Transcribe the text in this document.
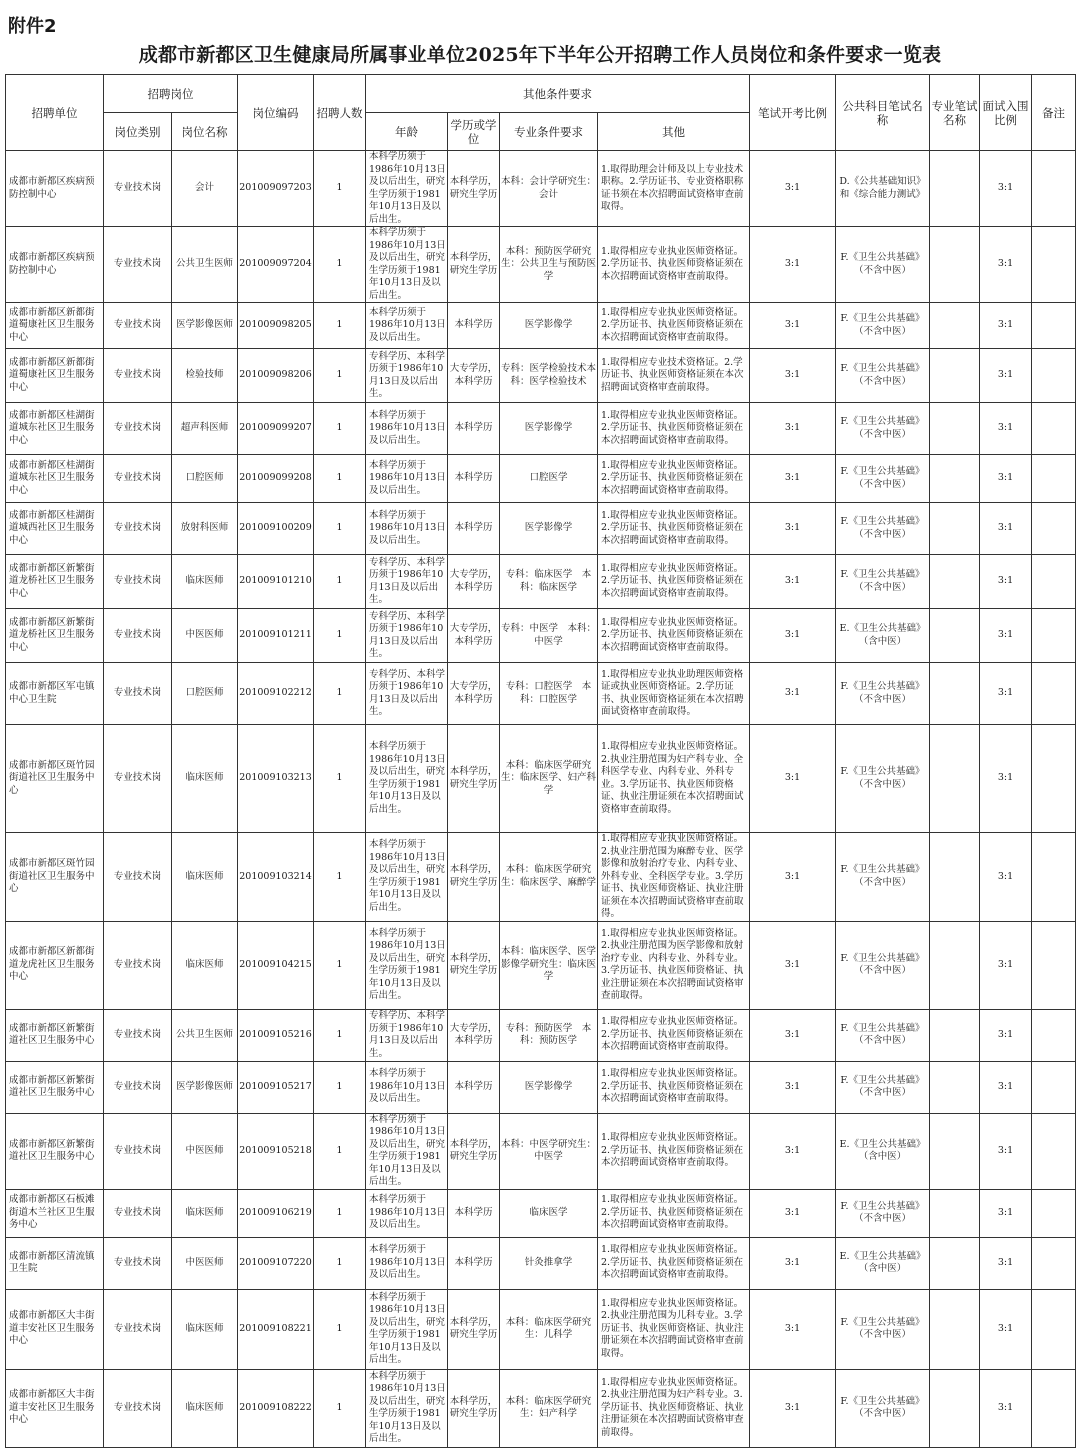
附件2
成都市新都区卫生健康局所属事业单位2025年下半年公开招聘工作人员岗位和条件要求一览表
招聘单位	招聘岗位		岗位编码	招聘人数	其他条件要求				笔试开考比例	公共科目笔试名称	专业笔试名称	面试入围比例	备注
	岗位类别	岗位名称			年龄	学历或学位	专业条件要求	其他					
成都市新都区疾病预防控制中心	专业技术岗	会计	201009097203	1	本科学历须于1986年10月13日及以后出生，研究生学历须于1981年10月13日及以后出生。	本科学历，研究生学历	本科：会计学研究生：会计	1.取得助理会计师及以上专业技术职称。2.学历证书、专业资格职称证书须在本次招聘面试资格审查前取得。	3:1	D.《公共基础知识》和《综合能力测试》		3:1	
成都市新都区疾病预防控制中心	专业技术岗	公共卫生医师	201009097204	1	本科学历须于1986年10月13日及以后出生，研究生学历须于1981年10月13日及以后出生。	本科学历，研究生学历	本科：预防医学研究生：公共卫生与预防医学	1.取得相应专业执业医师资格证。2.学历证书、执业医师资格证须在本次招聘面试资格审查前取得。	3:1	F.《卫生公共基础》（不含中医）		3:1	
成都市新都区新都街道蜀康社区卫生服务中心	专业技术岗	医学影像医师	201009098205	1	本科学历须于1986年10月13日及以后出生。	本科学历	医学影像学	1.取得相应专业执业医师资格证。2.学历证书、执业医师资格证须在本次招聘面试资格审查前取得。	3:1	F.《卫生公共基础》（不含中医）		3:1	
成都市新都区新都街道蜀康社区卫生服务中心	专业技术岗	检验技师	201009098206	1	专科学历、本科学历须于1986年10月13日及以后出生。	大专学历，本科学历	专科：医学检验技术本科：医学检验技术	1.取得相应专业技术资格证。2.学历证书、执业医师资格证须在本次招聘面试资格审查前取得。	3:1	F.《卫生公共基础》（不含中医）		3:1	
成都市新都区桂湖街道城东社区卫生服务中心	专业技术岗	超声科医师	201009099207	1	本科学历须于1986年10月13日及以后出生。	本科学历	医学影像学	1.取得相应专业执业医师资格证。2.学历证书、执业医师资格证须在本次招聘面试资格审查前取得。	3:1	F.《卫生公共基础》（不含中医）		3:1	
成都市新都区桂湖街道城东社区卫生服务中心	专业技术岗	口腔医师	201009099208	1	本科学历须于1986年10月13日及以后出生。	本科学历	口腔医学	1.取得相应专业执业医师资格证。2.学历证书、执业医师资格证须在本次招聘面试资格审查前取得。	3:1	F.《卫生公共基础》（不含中医）		3:1	
成都市新都区桂湖街道城西社区卫生服务中心	专业技术岗	放射科医师	201009100209	1	本科学历须于1986年10月13日及以后出生。	本科学历	医学影像学	1.取得相应专业执业医师资格证。2.学历证书、执业医师资格证须在本次招聘面试资格审查前取得。	3:1	F.《卫生公共基础》（不含中医）		3:1	
成都市新都区新繁街道龙桥社区卫生服务中心	专业技术岗	临床医师	201009101210	1	专科学历、本科学历须于1986年10月13日及以后出生。	大专学历，本科学历	专科：临床医学　本科：临床医学	1.取得相应专业执业医师资格证。2.学历证书、执业医师资格证须在本次招聘面试资格审查前取得。	3:1	F.《卫生公共基础》（不含中医）		3:1	
成都市新都区新繁街道龙桥社区卫生服务中心	专业技术岗	中医医师	201009101211	1	专科学历、本科学历须于1986年10月13日及以后出生。	大专学历，本科学历	专科：中医学　本科：中医学	1.取得相应专业执业医师资格证。2.学历证书、执业医师资格证须在本次招聘面试资格审查前取得。	3:1	E.《卫生公共基础》（含中医）		3:1	
成都市新都区军屯镇中心卫生院	专业技术岗	口腔医师	201009102212	1	专科学历、本科学历须于1986年10月13日及以后出生。	大专学历，本科学历	专科：口腔医学　本科：口腔医学	1.取得相应专业执业助理医师资格证或执业医师资格证。2.学历证书、执业医师资格证须在本次招聘面试资格审查前取得。	3:1	F.《卫生公共基础》（不含中医）		3:1	
成都市新都区斑竹园街道社区卫生服务中心	专业技术岗	临床医师	201009103213	1	本科学历须于1986年10月13日及以后出生，研究生学历须于1981年10月13日及以后出生。	本科学历，研究生学历	本科：临床医学研究生：临床医学、妇产科学	1.取得相应专业执业医师资格证。2.执业注册范围为妇产科专业、全科医学专业、内科专业、外科专业。3.学历证书、执业医师资格证、执业注册证须在本次招聘面试资格审查前取得。	3:1	F.《卫生公共基础》（不含中医）		3:1	
成都市新都区斑竹园街道社区卫生服务中心	专业技术岗	临床医师	201009103214	1	本科学历须于1986年10月13日及以后出生，研究生学历须于1981年10月13日及以后出生。	本科学历，研究生学历	本科：临床医学研究生：临床医学、麻醉学	1.取得相应专业执业医师资格证。2.执业注册范围为麻醉专业、医学影像和放射治疗专业、内科专业、外科专业、全科医学专业。3.学历证书、执业医师资格证、执业注册证须在本次招聘面试资格审查前取得。	3:1	F.《卫生公共基础》（不含中医）		3:1	
成都市新都区新都街道龙虎社区卫生服务中心	专业技术岗	临床医师	201009104215	1	本科学历须于1986年10月13日及以后出生，研究生学历须于1981年10月13日及以后出生。	本科学历，研究生学历	本科：临床医学、医学影像学研究生：临床医学	1.取得相应专业执业医师资格证。2.执业注册范围为医学影像和放射治疗专业、内科专业、外科专业。3.学历证书、执业医师资格证、执业注册证须在本次招聘面试资格审查前取得。	3:1	F.《卫生公共基础》（不含中医）		3:1	
成都市新都区新繁街道社区卫生服务中心	专业技术岗	公共卫生医师	201009105216	1	专科学历、本科学历须于1986年10月13日及以后出生。	大专学历，本科学历	专科：预防医学　本科：预防医学	1.取得相应专业执业医师资格证。2.学历证书、执业医师资格证须在本次招聘面试资格审查前取得。	3:1	F.《卫生公共基础》（不含中医）		3:1	
成都市新都区新繁街道社区卫生服务中心	专业技术岗	医学影像医师	201009105217	1	本科学历须于1986年10月13日及以后出生。	本科学历	医学影像学	1.取得相应专业执业医师资格证。2.学历证书、执业医师资格证须在本次招聘面试资格审查前取得。	3:1	F.《卫生公共基础》（不含中医）		3:1	
成都市新都区新繁街道社区卫生服务中心	专业技术岗	中医医师	201009105218	1	本科学历须于1986年10月13日及以后出生，研究生学历须于1981年10月13日及以后出生。	本科学历，研究生学历	本科：中医学研究生：中医学	1.取得相应专业执业医师资格证。2.学历证书、执业医师资格证须在本次招聘面试资格审查前取得。	3:1	E.《卫生公共基础》（含中医）		3:1	
成都市新都区石板滩街道木兰社区卫生服务中心	专业技术岗	临床医师	201009106219	1	本科学历须于1986年10月13日及以后出生。	本科学历	临床医学	1.取得相应专业执业医师资格证。2.学历证书、执业医师资格证须在本次招聘面试资格审查前取得。	3:1	F.《卫生公共基础》（不含中医）		3:1	
成都市新都区清流镇卫生院	专业技术岗	中医医师	201009107220	1	本科学历须于1986年10月13日及以后出生。	本科学历	针灸推拿学	1.取得相应专业执业医师资格证。2.学历证书、执业医师资格证须在本次招聘面试资格审查前取得。	3:1	E.《卫生公共基础》（含中医）		3:1	
成都市新都区大丰街道丰安社区卫生服务中心	专业技术岗	临床医师	201009108221	1	本科学历须于1986年10月13日及以后出生，研究生学历须于1981年10月13日及以后出生。	本科学历，研究生学历	本科：临床医学研究生：儿科学	1.取得相应专业执业医师资格证。2.执业注册范围为儿科专业。3.学历证书、执业医师资格证、执业注册证须在本次招聘面试资格审查前取得。	3:1	F.《卫生公共基础》（不含中医）		3:1	
成都市新都区大丰街道丰安社区卫生服务中心	专业技术岗	临床医师	201009108222	1	本科学历须于1986年10月13日及以后出生，研究生学历须于1981年10月13日及以后出生。	本科学历，研究生学历	本科：临床医学研究生：妇产科学	1.取得相应专业执业医师资格证。2.执业注册范围为妇产科专业。3.学历证书、执业医师资格证、执业注册证须在本次招聘面试资格审查前取得。	3:1	F.《卫生公共基础》（不含中医）		3:1	
